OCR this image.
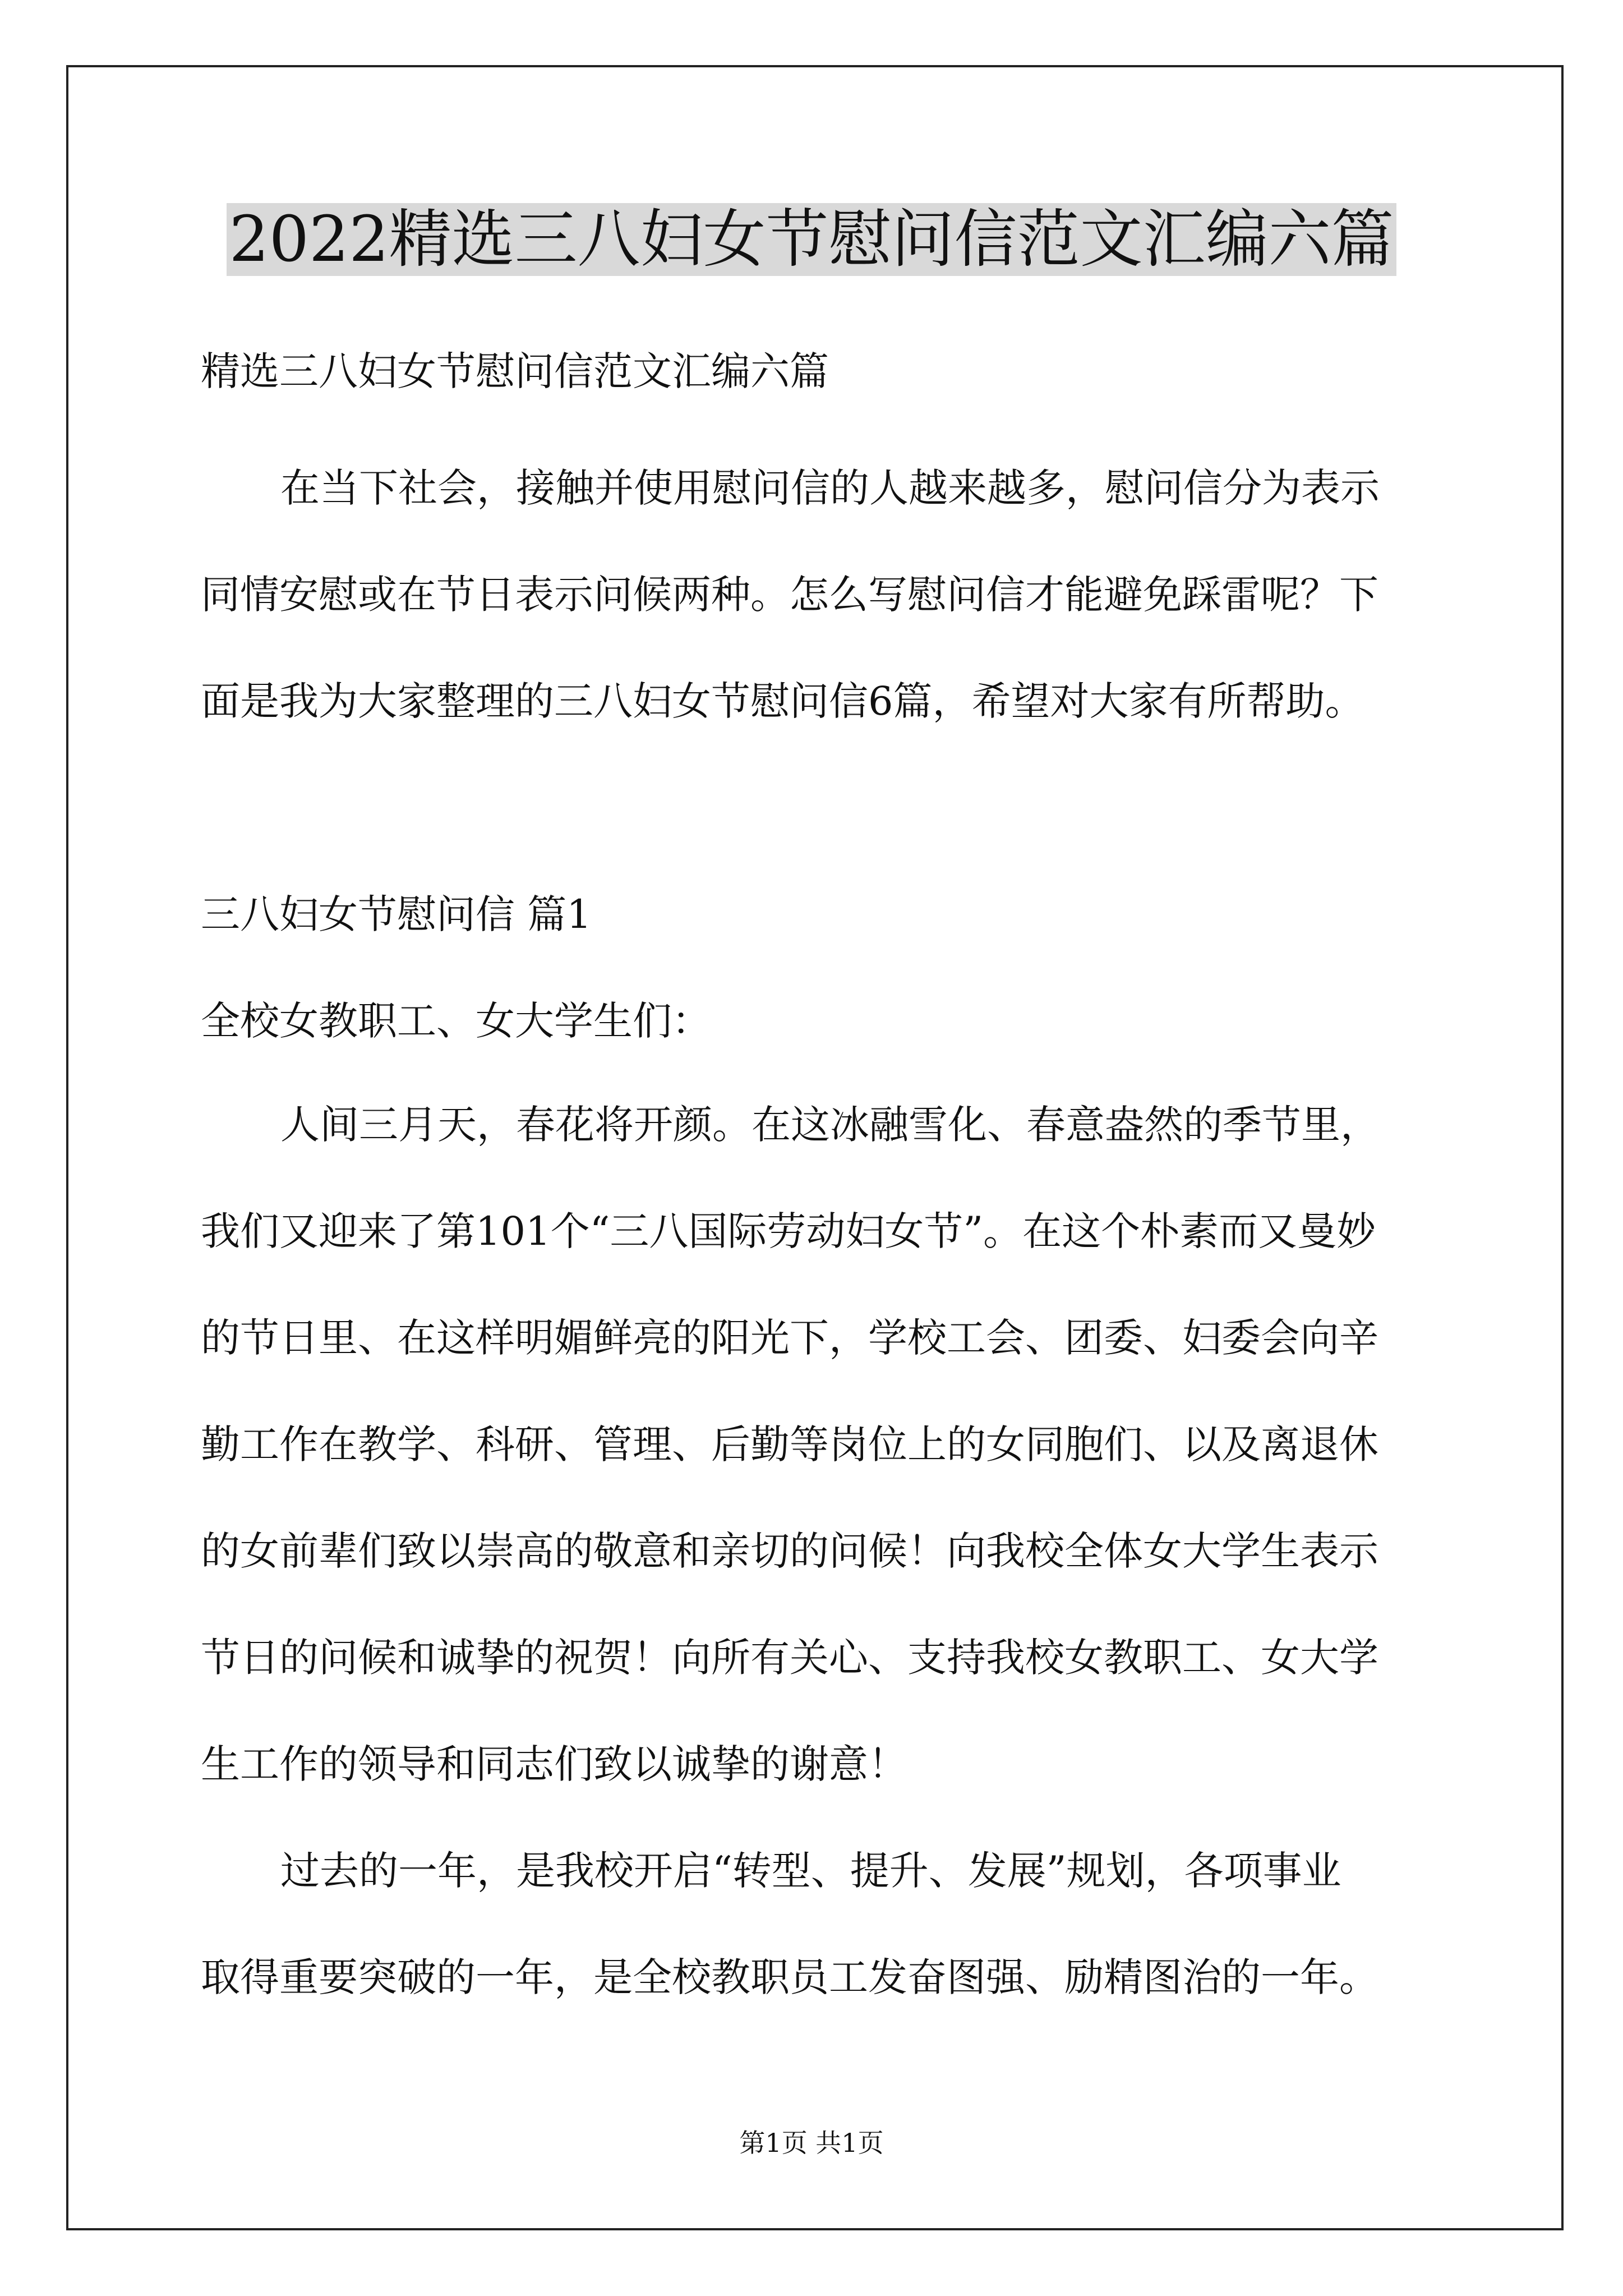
2022精选三八妇女节慰问信范文汇编六篇
精选三八妇女节慰问信范文汇编六篇
在当下社会，接触并使用慰问信的人越来越多，慰问信分为表示
同情安慰或在节日表示问候两种。怎么写慰问信才能避免踩雷呢？下
面是我为大家整理的三八妇女节慰问信6篇，希望对大家有所帮助。
三八妇女节慰问信 篇1
全校女教职工、女大学生们：
人间三月天，春花将开颜。在这冰融雪化、春意盎然的季节里，
我们又迎来了第101个“三八国际劳动妇女节”。在这个朴素而又曼妙
的节日里、在这样明媚鲜亮的阳光下，学校工会、团委、妇委会向辛
勤工作在教学、科研、管理、后勤等岗位上的女同胞们、以及离退休
的女前辈们致以崇高的敬意和亲切的问候！向我校全体女大学生表示
节日的问候和诚挚的祝贺！向所有关心、支持我校女教职工、女大学
生工作的领导和同志们致以诚挚的谢意！
过去的一年，是我校开启“转型、提升、发展”规划，各项事业
取得重要突破的一年，是全校教职员工发奋图强、励精图治的一年。
第1页 共1页
